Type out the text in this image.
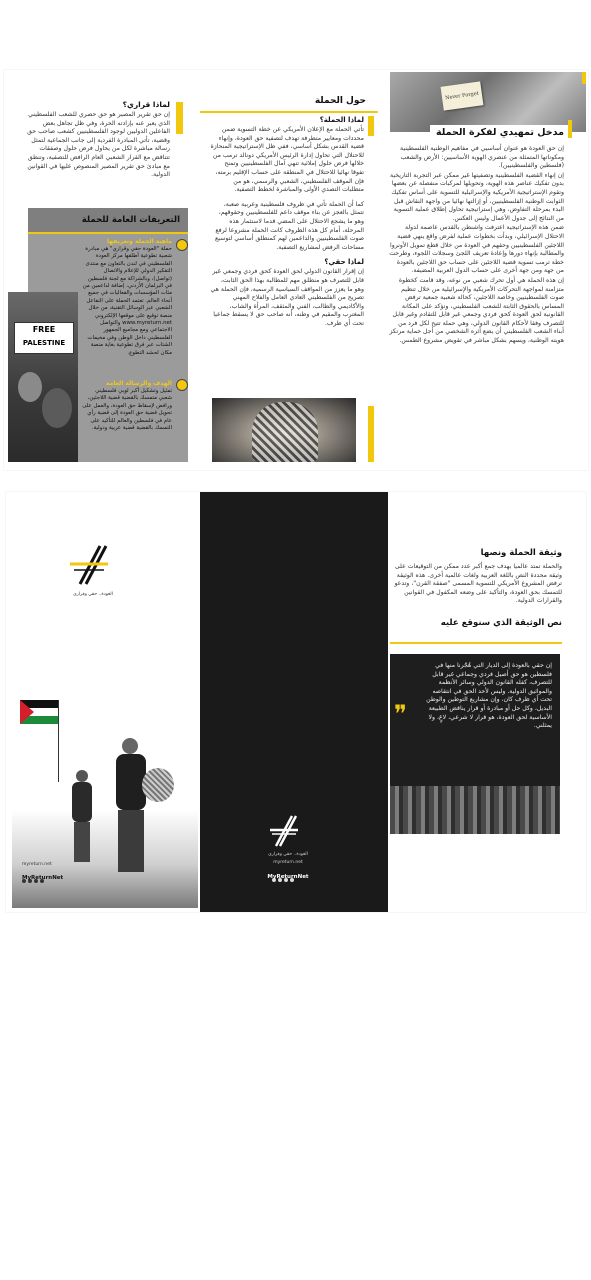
Never Forget
مدخل تمهيدي لفكرة الحملة

إن حق العودة هو عنوان أساسيي في مفاهيم الوطنية الفلسطينية ومكوناتها المتمثلة من عنصري الهوية الأساسيين: الأرض والشعب (فلسطين والفلسطينيين).

إن إنهاء القضية الفلسطينية وتصفيتها غير ممكن عبر التجربة التاريخية بدون تفكيك عناصر هذه الهوية، وتحويلها لمركبات منفصلة عن بعضها وتقوم الإستراتيجية الأمريكية والإسرائيلية للتسوية على أساس تفكيك الثوابت الوطنية الفلسطينيين، أو إزالتها نهائيا من واجهة النقاش قبل البدء بمرحلة التفاوض، وهي إستراتيجية تحاول إطلاق عملية التسوية من النتائج إلى جدول الأعمال وليس العكس.

ضمن هذه الإستراتيجية اعترفت واشنطن بالقدس عاصمة لدولة الاحتلال الإسرائيلي، وبدأت بخطوات عملية لفرض واقع ينهي قضية اللاجئين الفلسطينيين وحقهم في العودة من خلال قطع تمويل الأونروا والمطالبة بإنهاء دورها وإعادة تعريف اللجئ وسجلات اللجوء، وطرحت خطة ترمب تسوية قضية اللاجئين على حساب حق اللاجئين بالعودة من جهة ومن جهة أخرى على حساب الدول العربية المضيفة.

إن هذه الحملة هي أول تحرك شعبي من نوعه، وقد قامت كخطوة متزامنة لمواجهة التحركات الأمريكية والإسرائيلية من خلال تنظيم صوت الفلسطينيين وخاصة اللاجئين، كحالة شعبية جمعية ترفض المساس بالحقوق الثابتة للشعب الفلسطيني، وتؤكد على المكانة القانونية لحق العودة كحق فردي وجمعي غير قابل للتقادم وغير قابل للتصرف وفقا لأحكام القانون الدولي، وهي حملة تتيح لكل فرد من أبناء الشعب الفلسطيني أن يضع أثره الشخصي من أجل حماية مرتكز هويته الوطنية، ويسهم بشكل مباشر في تقويض مشروع الطمس.

حول الحملة
لماذا الحملة؟

تأتي الحملة مع الإعلان الأمريكي عن خطة التسوية ضمن محددات ومعايير متطرفة تهدف لتصفية حق العودة، وإنهاء قضية القدس بشكل أساسي، ففي ظل الإستراتيجية المنحازة للاحتلال التي تحاول إدارة الرئيس الأمريكي دونالد ترمب من خلالها فرض حلول إملائية تنهي آمال الفلسطينيين وتمنح تفوقا نهائيا للاحتلال في المنطقة على حساب الإقليم برمته، فإن الموقف الفلسطيني، الشعبي والرسمي، هو من متطلبات التصدي الأولى والمباشرة لخطط التصفية.

كما أن الحملة تأتي في ظروف فلسطينية وعربية صعبة، تتمثل بالعجز عن بناء موقف داعم للفلسطينيين وحقوقهم، وهو ما يشجع الاحتلال على المضي قدما لاستثمار هذه المرحلة، أمام كل هذه الظروف كانت الحملة مشروعا لرفع صوت الفلسطينيين والداعمين لهم كمنطلق أساسي لتوسيع مساحات الرفض لمشاريع التصفية.

لماذا حقي؟

إن إقرار القانون الدولي لحق العودة كحق فردي وجمعي غير قابل للتصرف هو منطلق مهم للمطالبة بهذا الحق الثابت، وهو ما يعزز من المواقف السياسية الرسمية، فإن الحملة هي تصريح من الفلسطيني العادي العامل والفلاح المهني والأكاديمي والطالب، الفني والمثقف، المرأة والشاب، المغترب والمقيم في وطنه، أنه صاحب حق لا يسقط جماعيا تحت أي ظرف.

لماذا قراري؟

إن حق تقرير المصير هو حق حصري للشعب الفلسطيني الذي يعبر عنه بإرادته الحرة، وفي ظل تجاهل بعض الفاعلين الدوليين لوجود الفلسطينيين كشعب صاحب حق وقضية، تأتي المبادرة الفردية إلى جانب الجماعية لتمثل رسالة مباشرة لكل من يحاول فرض حلول وصفقات تتناقض مع القرار الشعبي العام الرافض للتصفية، وتنطق مع مبادئ حق تقرير المصير المنصوص عليها في القوانين الدولية.

التعريفات العامة للحملة
ماهية الحملة وتعريفها

حملة "العودة حقي وقراري" هي مبادرة شعبية تطوعية أطلقها مركز العودة الفلسطيني في لندن بالتعاون مع منتدى التفكير الدولي للإعلام والاتصال (تواصل)، وبالشراكة مع لجنة فلسطين في البرلمان الأردني، إضافة لداعمين من مئات المؤسسات والفعاليات في جميع أنحاء العالم. تعتمد الحملة على التفاعل الشعبي عبر الوسائل التقنية، من خلال منصة توقيع على موقعها الإلكتروني www.myreturn.net والتواصل الاجتماعي ومع مجاميع الجمهور الفلسطيني داخل الوطن وفي مخيمات الشتات عبر فرق تطوعية بغاية منصة مكان لحشد التطوع.

الهدف والرسالة العامة

تمثيل وتشكيل أكبر لوبي فلسطيني شعبي متمسك بالقضية قضية اللاجئين، ورافض لإسقاط حق العودة، والعمل على تحويل قضية حق العودة إلى قضية رأي عام في فلسطين والعالم للتأكيد على التمسك بالقضية قضية عربية ودولية.

FREE
PALESTINE
وثيقة الحملة ونصها

والحملة تمتد عالميا بهدف جمع أكبر عدد ممكن من التوقيعات على وثيقة محددة النص باللغة العربية ولغات عالمية أخرى. هذه الوثيقة ترفض المشروع الأمريكي للتسوية المسمى "صفقة القرن"، وتدعو للتمسك بحق العودة، والتأكيد على وضعه المكفول في القوانين والقرارات الدولية.

نص الوثيقة الذي سنوقع عليه

إن حقي بالعودة إلى الديار التي هُجّرنا منها في فلسطين هو حق أصيل فردي وجماعي غير قابل للتصرف، كفله القانون الدولي وسائر الأنظمة والمواثيق الدولية. وليس لأحد الحق في انتقاصه تحت أي ظرف كان، وإن مشاريع التوطين والوطن البديل، وكل حل أو مبادرة أو قرار يناقض الطبيعة الأساسية لحق العودة، هو قرار لا شرعي، لاغٍ، ولا يمثلني.

❞
العودة.. حقي وقراري
myreturn.net
MyReturnNet
العودة.. حقي وقراري
myreturn.net
MyReturnNet
